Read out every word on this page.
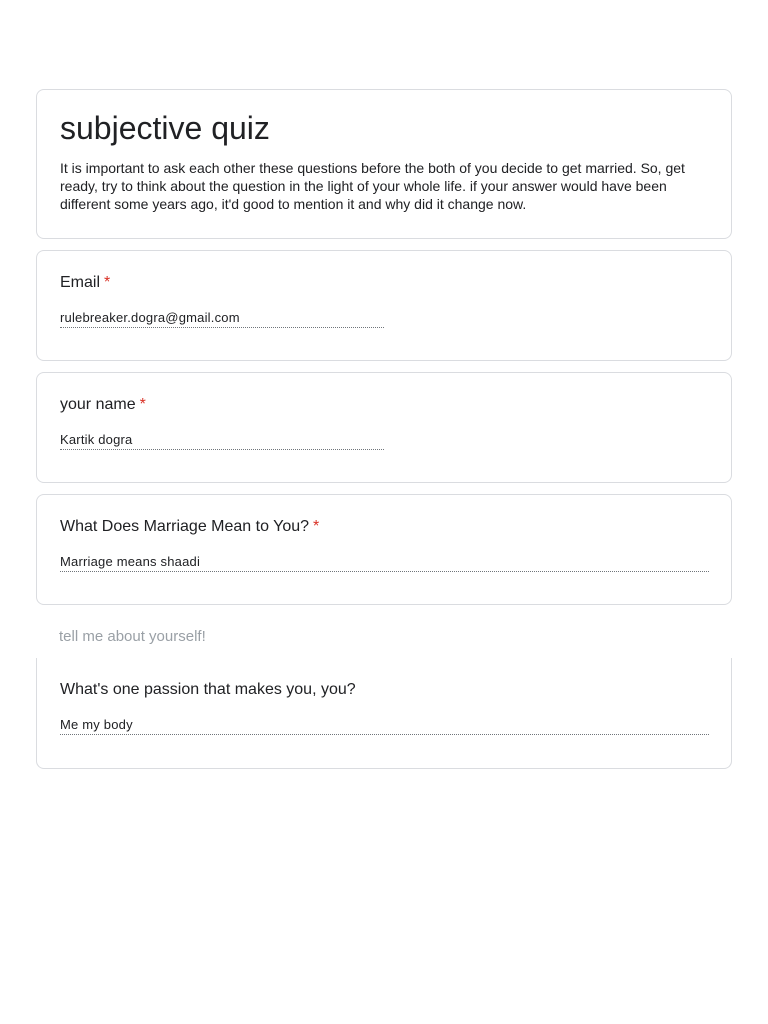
subjective quiz
It is important to ask each other these questions before the both of you decide to get married. So, get ready, try to think about the question in the light of your whole life. if your answer would have been different some years ago, it'd good to mention it and why did it change now.
Email *
rulebreaker.dogra@gmail.com
your name *
Kartik dogra
What Does Marriage Mean to You? *
Marriage means shaadi
tell me about yourself!
What's one passion that makes you, you?
Me my body
